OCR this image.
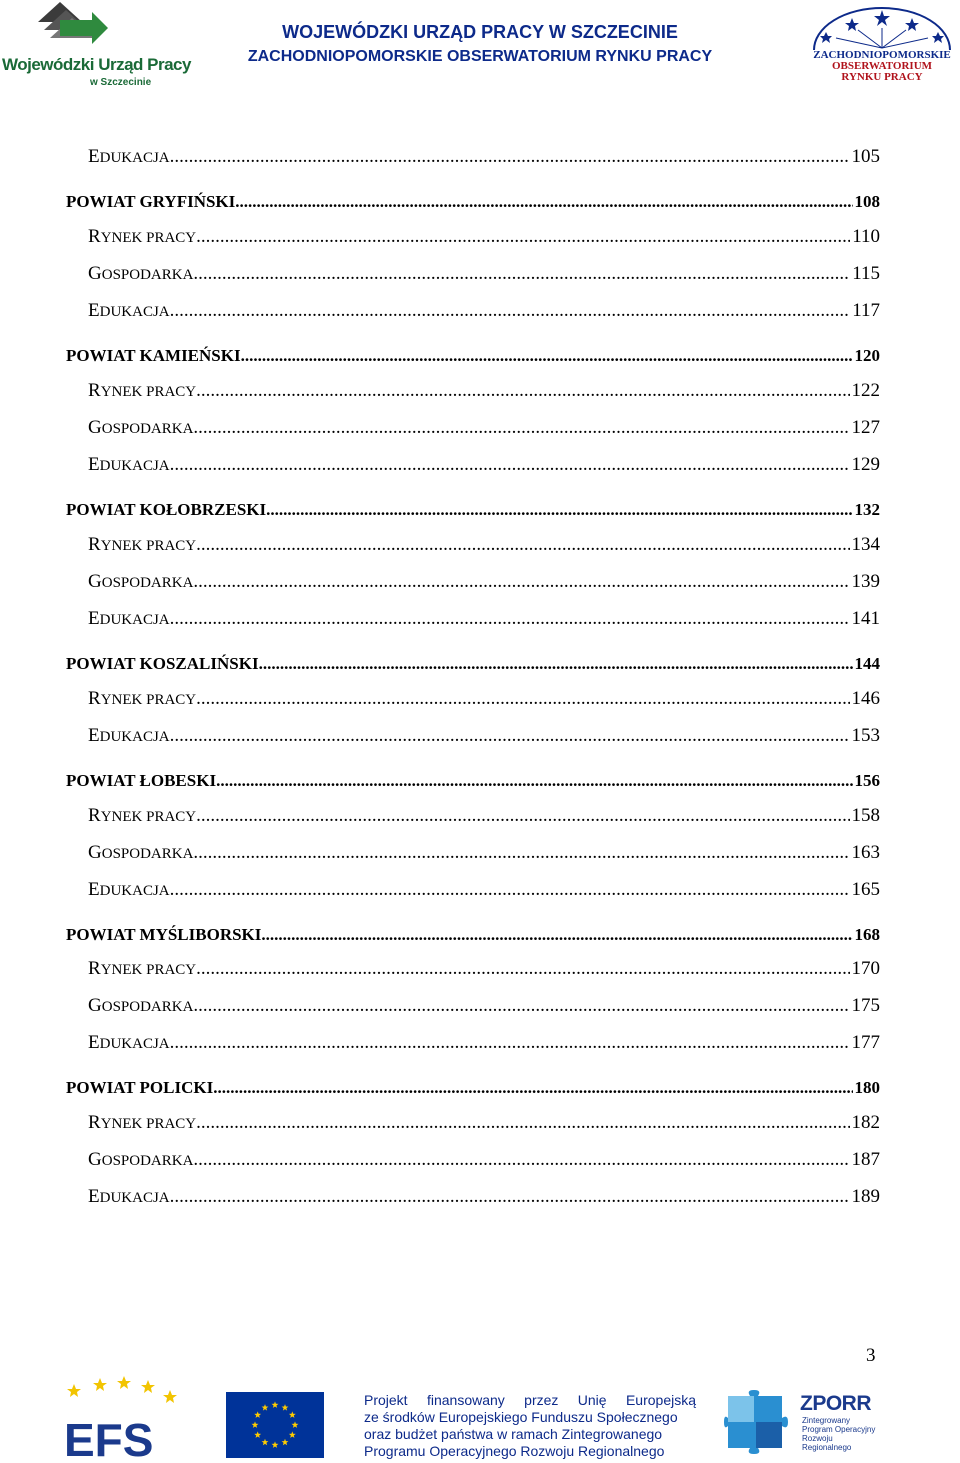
Wojewódzki Urząd Pracy
w Szczecinie
WOJEWÓDZKI URZĄD PRACY W SZCZECINIE
ZACHODNIOPOMORSKIE OBSERWATORIUM RYNKU PRACY	ZACHODNIOPOMORSKIE
OBSERWATORIUM
RYNKU PRACY
EDUKACJA .....	105
POWIAT GRYFIŃSKI .....	108
RYNEK PRACY .....	110
GOSPODARKA .....	115
EDUKACJA .....	117
POWIAT KAMIEŃSKI .....	120
RYNEK PRACY .....	122
GOSPODARKA .....	127
EDUKACJA .....	129
POWIAT KOŁOBRZESKI .....	132
RYNEK PRACY .....	134
GOSPODARKA .....	139
EDUKACJA .....	141
POWIAT KOSZALIŃSKI .....	144
RYNEK PRACY .....	146
EDUKACJA .....	153
POWIAT ŁOBESKI .....	156
RYNEK PRACY .....	158
GOSPODARKA .....	163
EDUKACJA .....	165
POWIAT MYŚLIBORSKI .....	168
RYNEK PRACY .....	170
GOSPODARKA .....	175
EDUKACJA .....	177
POWIAT POLICKI .....	180
RYNEK PRACY .....	182
GOSPODARKA .....	187
EDUKACJA .....	189
3
EFS
Projekt finansowany przez Unię Europejską
ze środków Europejskiego Funduszu Społecznego
oraz budżet państwa w ramach Zintegrowanego
Programu Operacyjnego Rozwoju Regionalnego
ZPORR
Zintegrowany Program Operacyjny Rozwoju Regionalnego
